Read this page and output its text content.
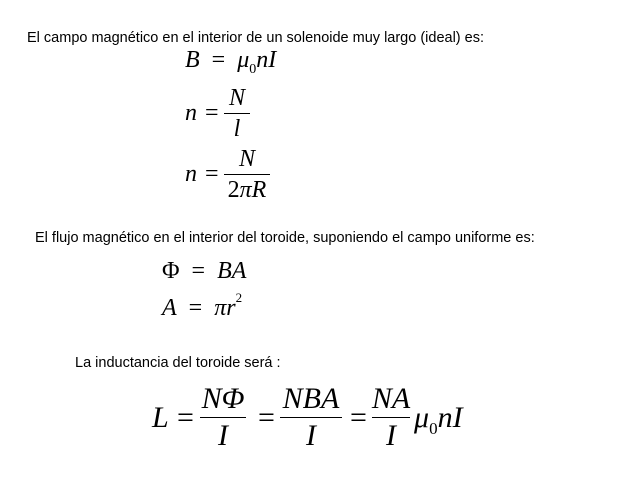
El campo magnético en el interior de un solenoide muy largo (ideal) es:
$B = \mu_0nI$
n =
N
l
n =
N
2πR
El flujo magnético en el interior del toroide, suponiendo el campo uniforme es:
Φ = BA
$A = \pi r^2$
La inductancia del toroide será :
L =
NΦ
I
=
NBA
I
=
NA
I
$\mu_0nI$
